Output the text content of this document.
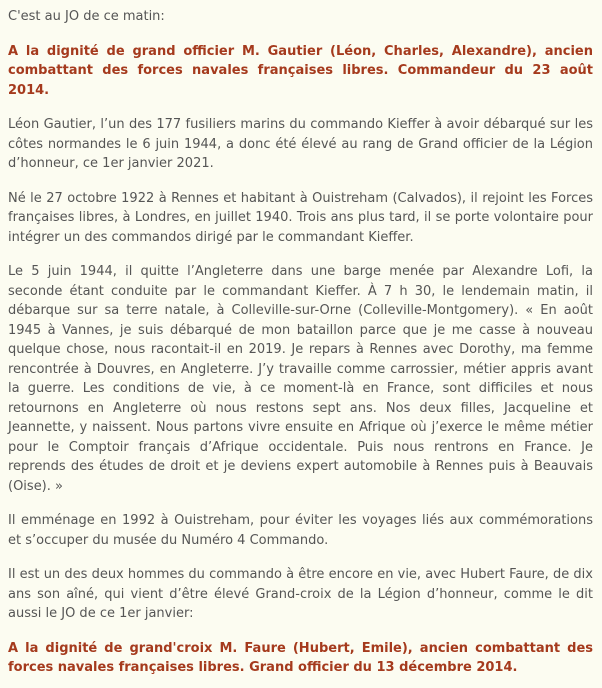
C'est au JO de ce matin:

A la dignité de grand officier M. Gautier (Léon, Charles, Alexandre), ancien combattant des forces navales françaises libres. Commandeur du 23 août 2014.

Léon Gautier, l’un des 177 fusiliers marins du commando Kieffer à avoir débarqué sur les côtes normandes le 6 juin 1944, a donc été élevé au rang de Grand officier de la Légion d’honneur, ce 1er janvier 2021.

Né le 27 octobre 1922 à Rennes et habitant à Ouistreham (Calvados), il rejoint les Forces françaises libres, à Londres, en juillet 1940. Trois ans plus tard, il se porte volontaire pour intégrer un des commandos dirigé par le commandant Kieffer.

Le 5 juin 1944, il quitte l’Angleterre dans une barge menée par Alexandre Lofi, la seconde étant conduite par le commandant Kieffer. À 7 h 30, le lendemain matin, il débarque sur sa terre natale, à Colleville-sur-Orne (Colleville-Montgomery). « En août 1945 à Vannes, je suis débarqué de mon bataillon parce que je me casse à nouveau quelque chose, nous racontait-il en 2019. Je repars à Rennes avec Dorothy, ma femme rencontrée à Douvres, en Angleterre. J’y travaille comme carrossier, métier appris avant la guerre. Les conditions de vie, à ce moment-là en France, sont difficiles et nous retournons en Angleterre où nous restons sept ans. Nos deux filles, Jacqueline et Jeannette, y naissent. Nous partons vivre ensuite en Afrique où j’exerce le même métier pour le Comptoir français d’Afrique occidentale. Puis nous rentrons en France. Je reprends des études de droit et je deviens expert automobile à Rennes puis à Beauvais (Oise). »

Il emménage en 1992 à Ouistreham, pour éviter les voyages liés aux commémorations et s’occuper du musée du Numéro 4 Commando.

Il est un des deux hommes du commando à être encore en vie, avec Hubert Faure, de dix ans son aîné, qui vient d’être élevé Grand-croix de la Légion d’honneur, comme le dit aussi le JO de ce 1er janvier:

A la dignité de grand'croix M. Faure (Hubert, Emile), ancien combattant des forces navales françaises libres. Grand officier du 13 décembre 2014.
